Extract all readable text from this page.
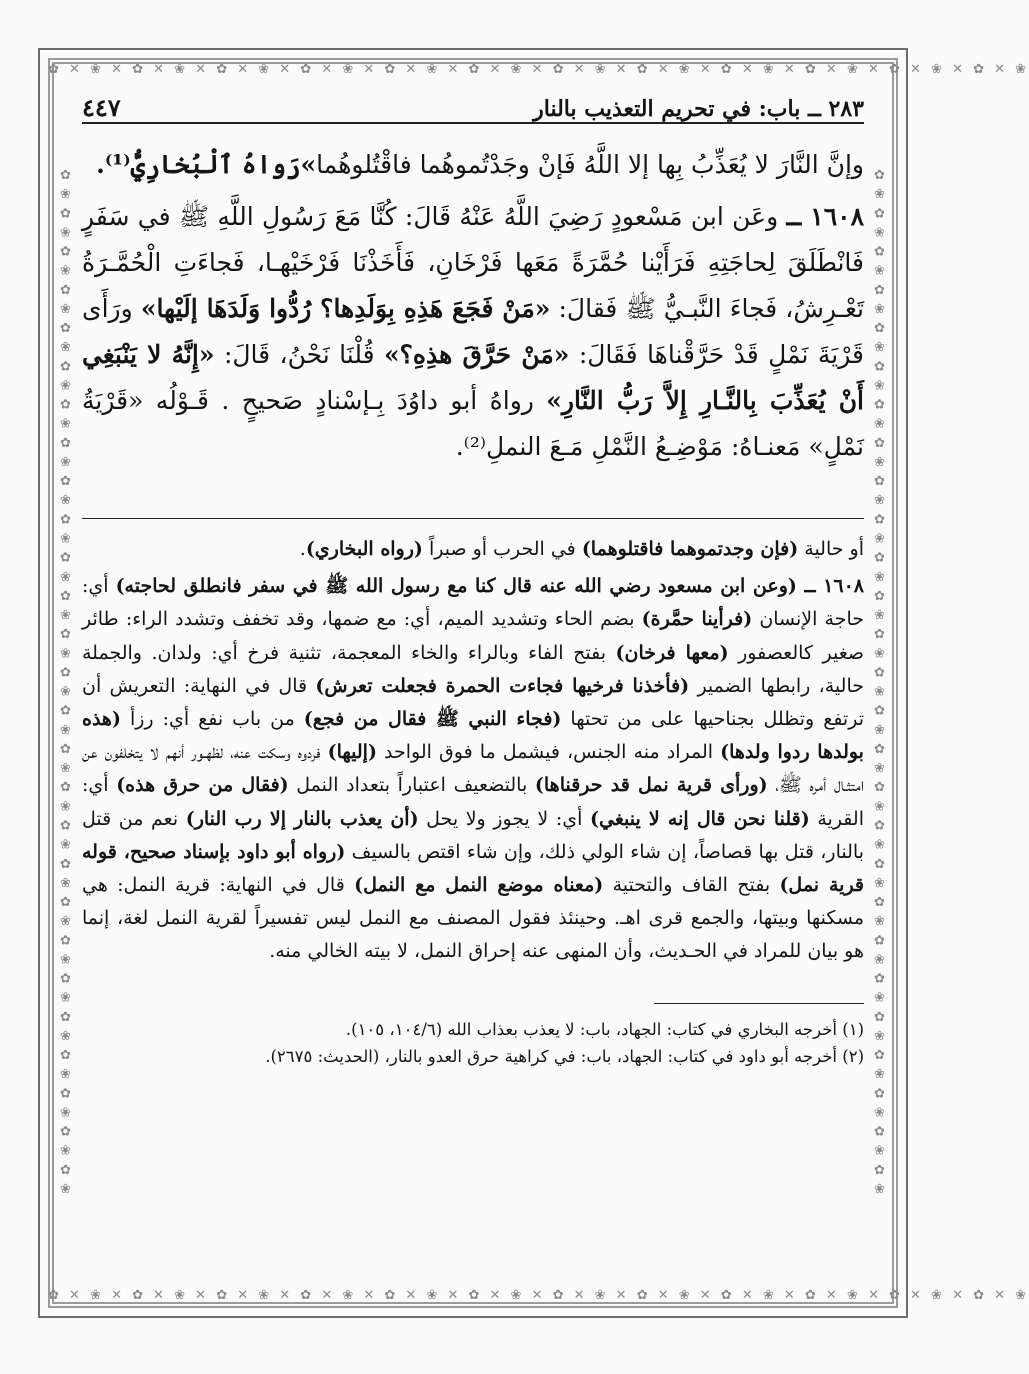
✿ ✕ ❀ ✕ ✿ ✕ ❀ ✕ ✿ ✕ ❀ ✕ ✿ ✕ ❀ ✕ ✿ ✕ ❀ ✕ ✿ ✕ ❀ ✕ ✿ ✕ ❀ ✕ ✿ ✕ ❀ ✕ ✿ ✕ ❀ ✕ ✿ ✕ ❀ ✕ ✿ ✕ ❀ ✕ ✿ ✕ ❀
✿ ✕ ❀ ✕ ✿ ✕ ❀ ✕ ✿ ✕ ❀ ✕ ✿ ✕ ❀ ✕ ✿ ✕ ❀ ✕ ✿ ✕ ❀ ✕ ✿ ✕ ❀ ✕ ✿ ✕ ❀ ✕ ✿ ✕ ❀ ✕ ✿ ✕ ❀ ✕ ✿ ✕ ❀ ✕ ✿ ✕ ❀
✿ ❀ ✿ ❀ ✿ ❀ ✿ ❀ ✿ ❀ ✿ ❀ ✿ ❀ ✿ ❀ ✿ ❀ ✿ ❀ ✿ ❀ ✿ ❀ ✿ ❀ ✿ ❀ ✿ ❀ ✿ ❀ ✿ ❀ ✿ ❀ ✿ ❀ ✿ ❀ ✿ ❀ ✿ ❀ ✿ ❀ ✿ ❀ ✿ ❀ ✿ ❀ ✿ ❀	✿ ❀ ✿ ❀ ✿ ❀ ✿ ❀ ✿ ❀ ✿ ❀ ✿ ❀ ✿ ❀ ✿ ❀ ✿ ❀ ✿ ❀ ✿ ❀ ✿ ❀ ✿ ❀ ✿ ❀ ✿ ❀ ✿ ❀ ✿ ❀ ✿ ❀ ✿ ❀ ✿ ❀ ✿ ❀ ✿ ❀ ✿ ❀ ✿ ❀ ✿ ❀ ✿ ❀
٢٨٣ ــ باب: في تحريم التعذيب بالنار
٤٤٧

وإنَّ النَّارَ لا يُعَذِّبُ بِها إلا اللَّهُ فَإنْ وجَدْتُموهُما فاقْتُلوهُما»رَواهُ ٱلْبُخارِيُّ⁽¹⁾.

١٦٠٨ ــ وعَن ابن مَسْعودٍ رَضِيَ اللَّهُ عَنْهُ قَالَ: كُنَّا مَعَ رَسُولِ اللَّهِ ﷺ في سَفَرٍ فَانْطَلَقَ لِحاجَتِهِ فَرَأَيْنا حُمَّرَةً مَعَها فَرْخَانِ، فَأَخَذْنَا فَرْخَيْهـا، فَجاءَتِ الْحُمَّـرَةُ تَعْـرِشُ، فَجاءَ النَّبـيُّ ﷺ فَقالَ: «مَنْ فَجَعَ هَذِهِ بِوَلَدِها؟ رُدُّوا وَلَدَهَا إلَيْها» ورَأَى قَرْيَةَ نَمْلٍ قَدْ حَرَّقْناهَا فَقَالَ: «مَنْ حَرَّقَ هذِهِ؟» قُلْنَا نَحْنُ، قَالَ: «إِنَّهُ لا يَنْبَغِي أَنْ يُعَذِّبَ بِالنَّـارِ إِلاَّ رَبُّ النَّارِ» رواهُ أبو داوُدَ بِـإسْنادٍ صَحيحٍ . قَـوْلُه «قَرْيَةُ نَمْلٍ» مَعنـاهُ: مَوْضِـعُ النَّمْلِ مَـعَ النملِ⁽²⁾.

أو حالية (فإن وجدتموهما فاقتلوهما) في الحرب أو صبراً (رواه البخاري).

١٦٠٨ ــ (وعن ابن مسعود رضي الله عنه قال كنا مع رسول الله ﷺ في سفر فانطلق لحاجته) أي: حاجة الإنسان (فرأينا حمَّرة) بضم الحاء وتشديد الميم، أي: مع ضمها، وقد تخفف وتشدد الراء: طائر صغير كالعصفور (معها فرخان) بفتح الفاء وبالراء والخاء المعجمة، تثنية فرخ أي: ولدان. والجملة حالية، رابطها الضمير (فأخذنا فرخيها فجاءت الحمرة فجعلت تعرش) قال في النهاية: التعريش أن ترتفع وتظلل بجناحيها على من تحتها (فجاء النبي ﷺ فقال من فجع) من باب نفع أي: رزأ (هذه بولدها ردوا ولدها) المراد منه الجنس، فيشمل ما فوق الواحد (إليها) فردوه وسكت عنه، لظهـور أنهم لا يتخلفون عن امتثـال أمره ﷺ، (ورأى قرية نمل قد حرقناها) بالتضعيف اعتباراً بتعداد النمل (فقال من حرق هذه) أي: القرية (قلنا نحن قال إنه لا ينبغي) أي: لا يجوز ولا يحل (أن يعذب بالنار إلا رب النار) نعم من قتل بالنار، قتل بها قصاصاً، إن شاء الولي ذلك، وإن شاء اقتص بالسيف (رواه أبو داود بإسناد صحيح، قوله قرية نمل) بفتح القاف والتحتية (معناه موضع النمل مع النمل) قال في النهاية: قرية النمل: هي مسكنها وبيتها، والجمع قرى اهـ. وحينئذ فقول المصنف مع النمل ليس تفسيراً لقرية النمل لغة، إنما هو بيان للمراد في الحـديث، وأن المنهى عنه إحراق النمل، لا بيته الخالي منه.

(١) أخرجه البخاري في كتاب: الجهاد، باب: لا يعذب بعذاب الله (١٠٤/٦، ١٠٥).

(٢) أخرجه أبو داود في كتاب: الجهاد، باب: في كراهية حرق العدو بالنار، (الحديث: ٢٦٧٥).
